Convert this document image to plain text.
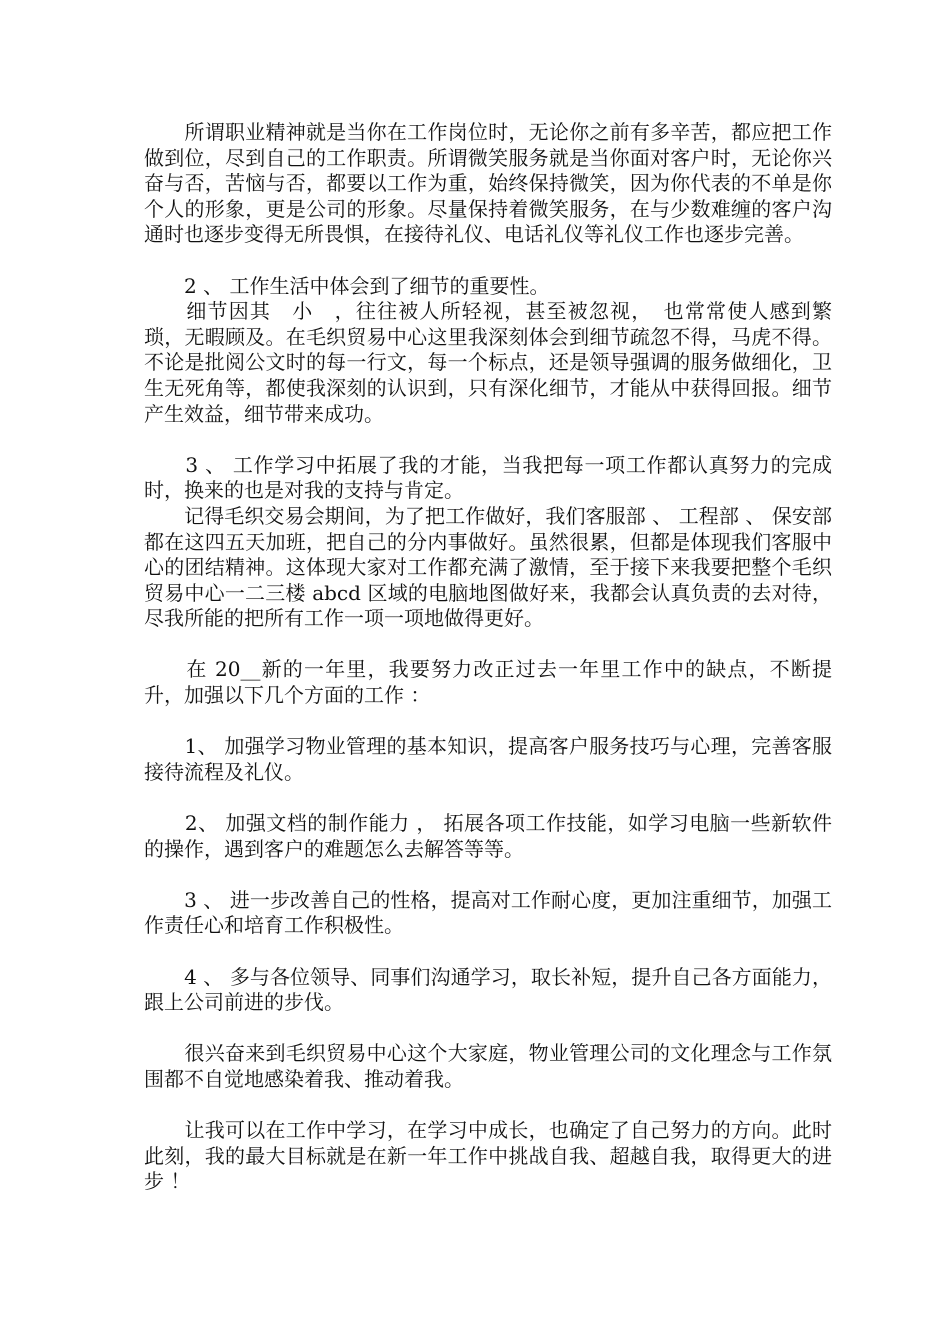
　　所谓职业精神就是当你在工作岗位时，无论你之前有多辛苦，都应把工作做到位，尽到自己的工作职责。所谓微笑服务就是当你面对客户时，无论你兴奋与否，苦恼与否，都要以工作为重，始终保持微笑，因为你代表的不单是你个人的形象，更是公司的形象。尽量保持着微笑服务，在与少数难缠的客户沟通时也逐步变得无所畏惧，在接待礼仪、电话礼仪等礼仪工作也逐步完善。

　　2 、 工作生活中体会到了细节的重要性。

　　细节因其　小　，往往被人所轻视，甚至被忽视，　也常常使人感到繁琐，无暇顾及。在毛织贸易中心这里我深刻体会到细节疏忽不得，马虎不得。不论是批阅公文时的每一行文，每一个标点，还是领导强调的服务做细化，卫生无死角等，都使我深刻的认识到，只有深化细节，才能从中获得回报。细节产生效益，细节带来成功。

　　3 、 工作学习中拓展了我的才能，当我把每一项工作都认真努力的完成时，换来的也是对我的支持与肯定。

　　记得毛织交易会期间，为了把工作做好，我们客服部 、 工程部 、 保安部都在这四五天加班，把自己的分内事做好。虽然很累，但都是体现我们客服中心的团结精神。这体现大家对工作都充满了激情，至于接下来我要把整个毛织贸易中心一二三楼 abcd 区域的电脑地图做好来，我都会认真负责的去对待，尽我所能的把所有工作一项一项地做得更好。

　　在 20__新的一年里，我要努力改正过去一年里工作中的缺点，不断提升，加强以下几个方面的工作 ：

　　1、 加强学习物业管理的基本知识，提高客户服务技巧与心理，完善客服接待流程及礼仪。

　　2、 加强文档的制作能力 ， 拓展各项工作技能，如学习电脑一些新软件的操作，遇到客户的难题怎么去解答等等。

　　3 、 进一步改善自己的性格，提高对工作耐心度，更加注重细节，加强工作责任心和培育工作积极性。

　　4 、 多与各位领导、同事们沟通学习，取长补短，提升自己各方面能力，跟上公司前进的步伐。

　　很兴奋来到毛织贸易中心这个大家庭，物业管理公司的文化理念与工作氛围都不自觉地感染着我、推动着我。

　　让我可以在工作中学习，在学习中成长，也确定了自己努力的方向。此时此刻，我的最大目标就是在新一年工作中挑战自我、超越自我，取得更大的进步 ！
